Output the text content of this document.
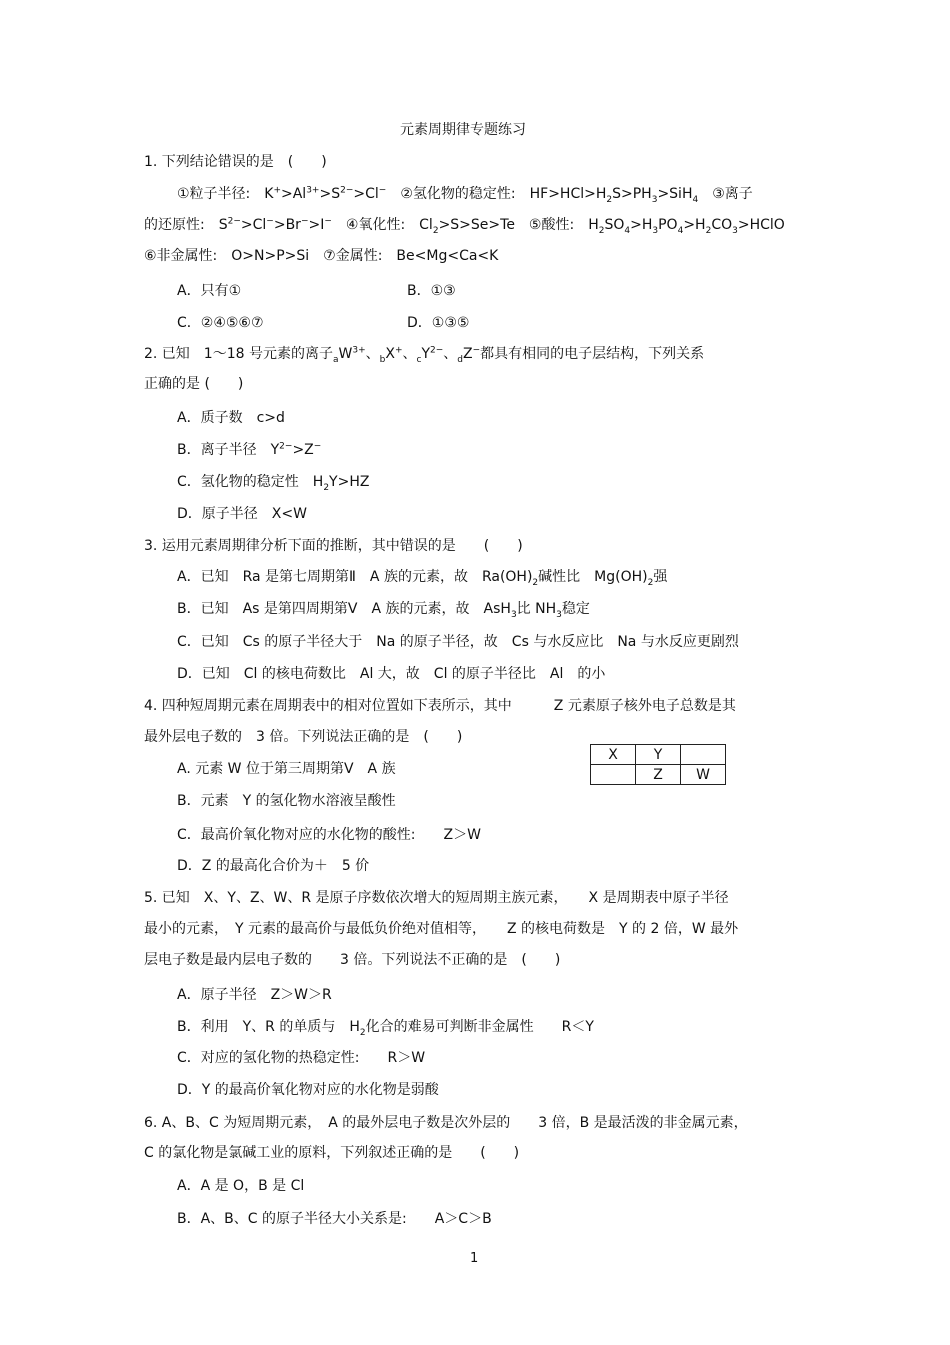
元素周期律专题练习
1. 下列结论错误的是　(　　)
①粒子半径:　$K^+>Al^{3+}>S^{2-}>Cl^-$　②氢化物的稳定性:　$HF>HCl>H_2S>PH_3>SiH_4$　③离子
的还原性:　$S^{2-}>Cl^->Br^->I^-$　④氧化性:　$Cl_2>S>Se>Te$　⑤酸性:　$H_2SO_4>H_3PO_4>H_2CO_3>HClO$
⑥非金属性:　O>N>P>Si　⑦金属性:　Be<Mg<Ca<K
A．只有①	B．①③
C．②④⑤⑥⑦	D．①③⑤
2. 已知　1～18 号元素的离子$_aW^{3+}$、$_b$X+、$_cY^{2-}$、$_d$Z−都具有相同的电子层结构，下列关系
正确的是 (　　)
A．质子数　c>d
B．离子半径　$Y^{2-}>Z^-$
C．氢化物的稳定性　$H_2Y>HZ$
D．原子半径　X<W
3. 运用元素周期律分析下面的推断，其中错误的是　　(　　)
A．已知　Ra 是第七周期第Ⅱ　A 族的元素，故　$Ra(OH)_2$碱性比　$Mg(OH)_2$强
B．已知　As 是第四周期第Ⅴ　A 族的元素，故　AsH$_3$比 $NH_3$稳定
C．已知　Cs 的原子半径大于　Na 的原子半径，故　Cs 与水反应比　Na 与水反应更剧烈
D．已知　Cl 的核电荷数比　Al 大，故　Cl 的原子半径比　Al　的小
4. 四种短周期元素在周期表中的相对位置如下表所示，其中　　　Z 元素原子核外电子总数是其
最外层电子数的　3 倍。下列说法正确的是　(　　)
X	Y	
	Z	W
A. 元素 W 位于第三周期第Ⅴ　A 族
B．元素　Y 的氢化物水溶液呈酸性
C．最高价氧化物对应的水化物的酸性:　　Z＞W
D．Z 的最高化合价为＋　5 价
5. 已知　X、Y、Z、W、R 是原子序数依次增大的短周期主族元素，　　X 是周期表中原子半径
最小的元素，　Y 元素的最高价与最低负价绝对值相等，　　Z 的核电荷数是　Y 的 2 倍，W 最外
层电子数是最内层电子数的　　3 倍。下列说法不正确的是　(　　)
A．原子半径　Z＞W＞R
B．利用　Y、R 的单质与　$H_2$化合的难易可判断非金属性　　R＜Y
C．对应的氢化物的热稳定性:　　R＞W
D．Y 的最高价氧化物对应的水化物是弱酸
6. A、B、C 为短周期元素，　A 的最外层电子数是次外层的　　3 倍，B 是最活泼的非金属元素，
C 的氯化物是氯碱工业的原料，下列叙述正确的是　　(　　)
A．A 是 O，B 是 Cl
B．A、B、C 的原子半径大小关系是:　　A＞C＞B
1
